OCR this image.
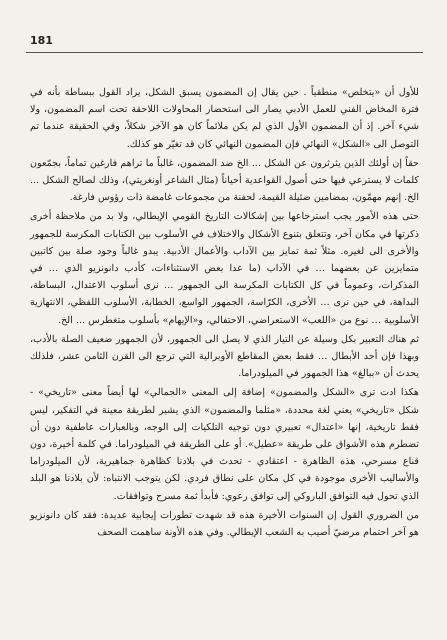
181

للأول أن «يتخلص» منطقياً . حين يقال إن المضمون يسبق الشكل، يراد القول ببساطة بأنه في فترة المخاض الفني للعمل الأدبي يصار الى استحضار المحاولات اللاحقة تحت اسم المضمون، ولا شيء آخر. إذ أن المضمون الأول الذي لم يكن ملائماً كان هو الآخر شكلاً، وفي الحقيقة عندما تم التوصل الى «الشكل» النهائي فإن المضمون النهائي كان قد تغيّر هو كذلك.

حقاً إن أولئك الذين يثرثرون عن الشكل ... الخ ضد المضمون، غالباً ما تراهم فارغين تماماً، بجمّعون كلمات لا يسترعي فيها حتى أصول القواعدية أحياناً (مثال الشاعر أونغريتي)، وذلك لصالح الشكل ... الخ. إنهم مهمّون، بمضامين ضئيلة القيمة، لحفنة من مجموعات غامضة ذات رؤوس فارغة.

حتى هذه الأمور يجب استرجاعها بين إشكالات التاريخ القومي الإيطالي، ولا بد من ملاحظة أخرى ذكرتها في مكان آخر، وتتعلق بتنوع الأشكال والاختلاف في الأسلوب بين الكتابات المكرسة للجمهور والأخرى الى لغيره. مثلاً ثمة تمايز بين الآداب والأعمال الأدبية. يبدو غالباً وجود صلة بين كاتبين متمايزين عن بعضهما … في الآداب (ما عدا بعض الاستثناءات، كأدب دانونزيو الذي … في المذكرات، وعموماً في كل الكتابات المكرسة الى الجمهور … نرى أسلوب الاعتدال، البساطة، البداهة، في حين نرى … الأخرى، الكرّاسة، الجمهور الواسع، الخطابة، الأسلوب اللفظي، الانتهازية الأسلوبية … نوع من «اللعب» الاستعراضي، الاحتفالي، و«الإيهام» بأسلوب متغطرس ... الخ.

ثم هناك التعبير بكل وسيلة عن التيار الذي لا يصل الى الجمهور، لأن الجمهور ضعيف الصلة بالأدب، وبهذا فإن أحد الأبطال … فقط بعض المقاطع الأوبرالية التي ترجع الى القرن الثامن عشر، فلذلك يحدث أن «ببالغ» هذا الجمهور في الميلودراما.

هكذا ادت ترى «الشكل والمضمون» إضافة إلى المعنى «الجمالي» لها أيضاً معنى «تاريخي» - شكل «تاريخي» يعني لغة محددة، «مثلما والمضمون» الذي يشير لطريقة معينة في التفكير، ليس فقط تاريخية، إنها «اعتدال» تعبيري دون توجيه التلكيات إلى الوجه، وبالعبارات عاطفية دون أن تضطرم هذه الأشواق على طريقة «عطيل». أو على الطريقة في الميلودراما. في كلمة أخيرة، دون قناع مسرحي، هذه الظاهرة - اعتقادي - تحدث في بلادنا كظاهرة جماهيرية، لأن الميلودراما والأساليب الأخرى موجودة في كل مكان على نطاق فردي. لكن يتوجب الانتباه: لأن بلادنا هو البلد الذي تحول فيه التوافق الباروكي إلى توافق رعوي: فأبدأ ثمة مسرح وتوافقات.

من الضروري القول إن السنوات الأخيرة هذه قد شهدت تطورات إيجابية عديدة: فقد كان دانونزيو هو آخر احتمام مرضيّ أصيب به الشعب الإيطالي. وفي هذه الأونة ساهمت الصحف
